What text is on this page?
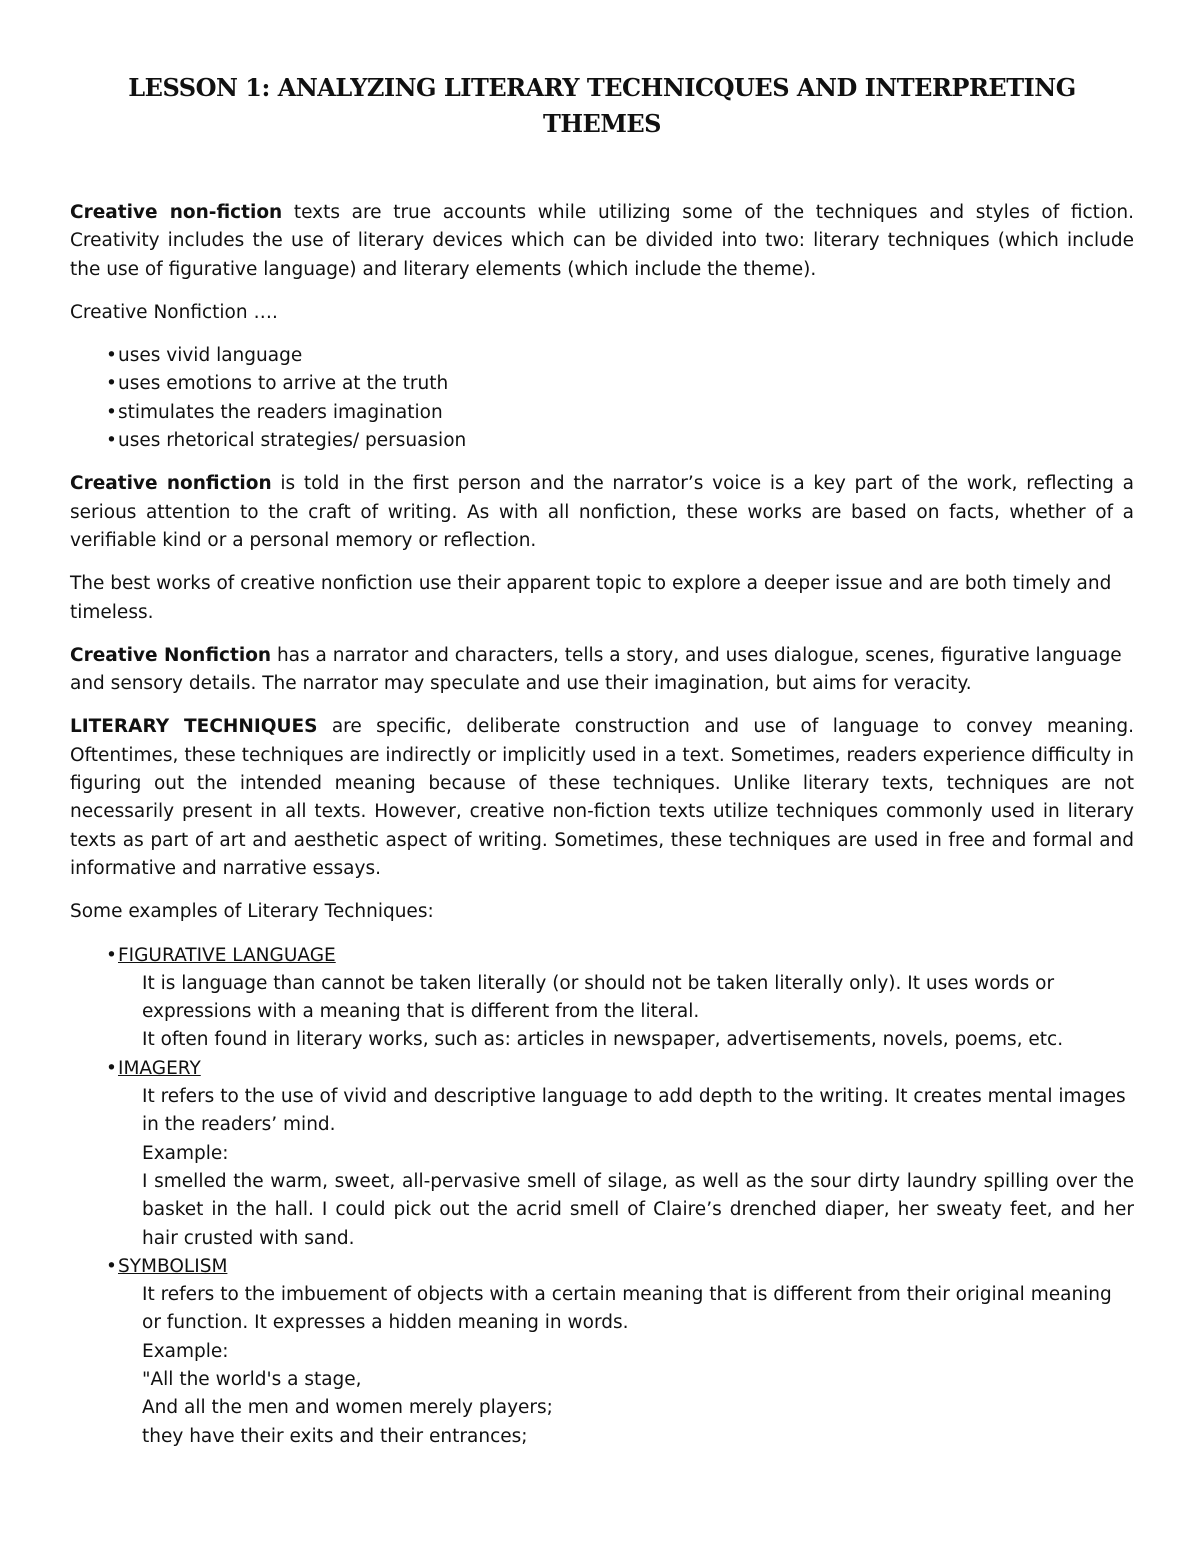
LESSON 1: ANALYZING LITERARY TECHNICQUES AND INTERPRETING THEMES

Creative non-fiction texts are true accounts while utilizing some of the techniques and styles of fiction. Creativity includes the use of literary devices which can be divided into two: literary techniques (which include the use of figurative language) and literary elements (which include the theme).

Creative Nonfiction ….

•uses vivid language
•uses emotions to arrive at the truth
•stimulates the readers imagination
•uses rhetorical strategies/ persuasion

Creative nonfiction is told in the first person and the narrator’s voice is a key part of the work, reflecting a serious attention to the craft of writing. As with all nonfiction, these works are based on facts, whether of a verifiable kind or a personal memory or reflection.

The best works of creative nonfiction use their apparent topic to explore a deeper issue and are both timely and timeless.

Creative Nonfiction has a narrator and characters, tells a story, and uses dialogue, scenes, figurative language and sensory details. The narrator may speculate and use their imagination, but aims for veracity.

LITERARY TECHNIQUES are specific, deliberate construction and use of language to convey meaning. Oftentimes, these techniques are indirectly or implicitly used in a text. Sometimes, readers experience difficulty in figuring out the intended meaning because of these techniques. Unlike literary texts, techniques are not necessarily present in all texts. However, creative non-fiction texts utilize techniques commonly used in literary texts as part of art and aesthetic aspect of writing. Sometimes, these techniques are used in free and formal and informative and narrative essays.

Some examples of Literary Techniques:

•FIGURATIVE LANGUAGE
It is language than cannot be taken literally (or should not be taken literally only). It uses words or expressions with a meaning that is different from the literal.
It often found in literary works, such as: articles in newspaper, advertisements, novels, poems, etc.
•IMAGERY
It refers to the use of vivid and descriptive language to add depth to the writing. It creates mental images in the readers’ mind.
Example:
I smelled the warm, sweet, all-pervasive smell of silage, as well as the sour dirty laundry spilling over the basket in the hall. I could pick out the acrid smell of Claire’s drenched diaper, her sweaty feet, and her hair crusted with sand.
•SYMBOLISM
It refers to the imbuement of objects with a certain meaning that is different from their original meaning or function. It expresses a hidden meaning in words.
Example:
"All the world's a stage,
And all the men and women merely players;
they have their exits and their entrances;
